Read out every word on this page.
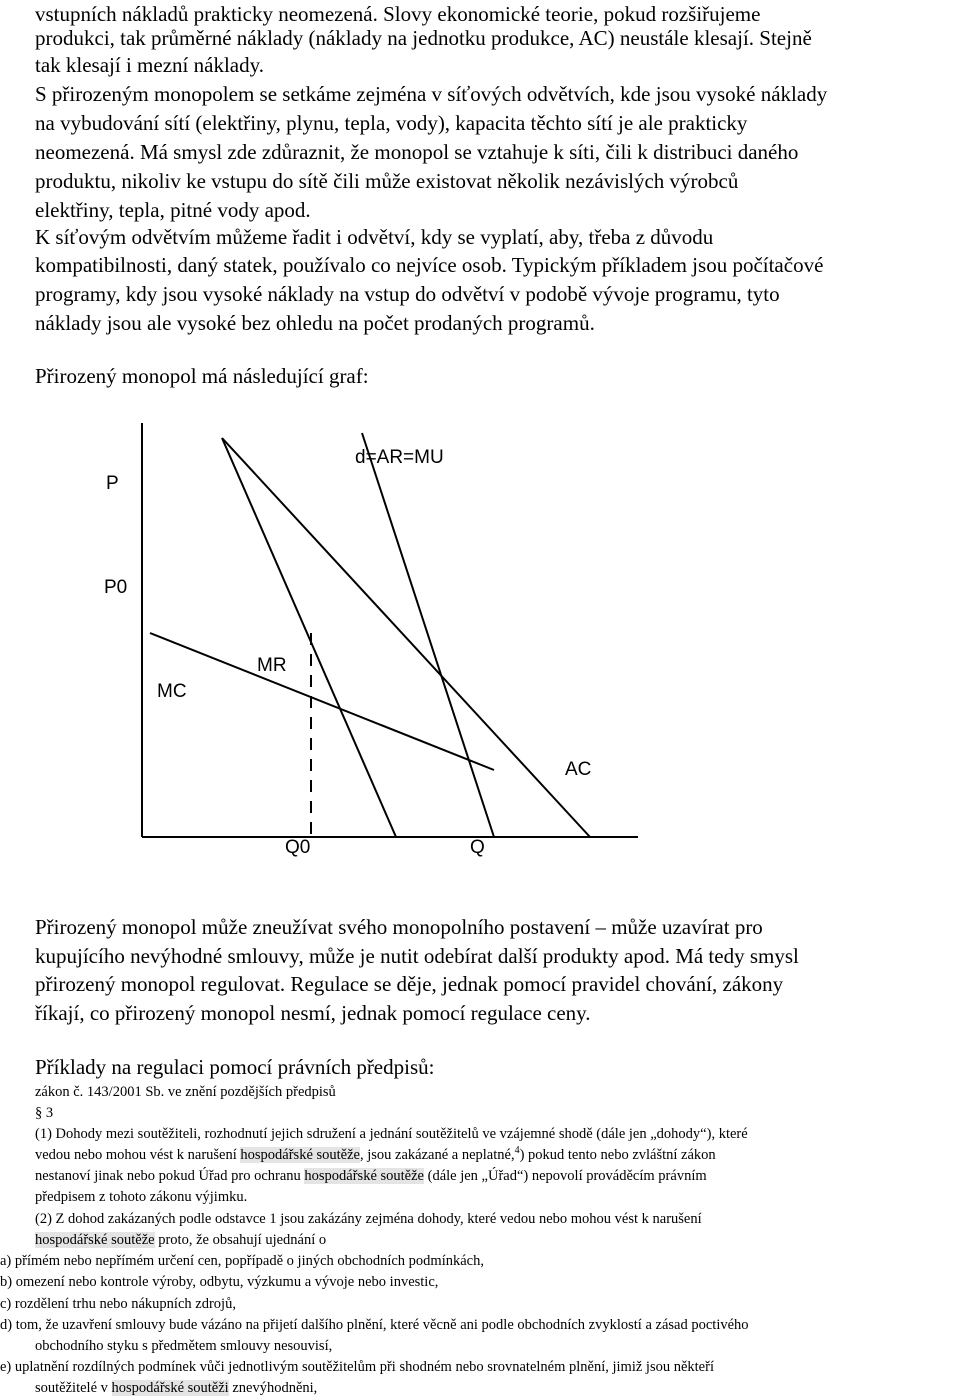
vstupních nákladů prakticky neomezená. Slovy ekonomické teorie, pokud rozšiřujeme

produkci, tak průměrné náklady (náklady na jednotku produkce, AC) neustále klesají. Stejně

tak klesají i mezní náklady.

S přirozeným monopolem se setkáme zejména v síťových odvětvích, kde jsou vysoké náklady

na vybudování sítí (elektřiny, plynu, tepla, vody), kapacita těchto sítí je ale prakticky

neomezená. Má smysl zde zdůraznit, že monopol se vztahuje k síti, čili k distribuci daného

produktu, nikoliv ke vstupu do sítě čili může existovat několik nezávislých výrobců

elektřiny, tepla, pitné vody apod.

K síťovým odvětvím můžeme řadit i odvětví, kdy se vyplatí, aby, třeba z důvodu

kompatibilnosti, daný statek, používalo co nejvíce osob. Typickým příkladem jsou počítačové

programy, kdy jsou vysoké náklady na vstup do odvětví v podobě vývoje programu, tyto

náklady jsou ale vysoké bez ohledu na počet prodaných programů.

Přirozený monopol má následující graf:

P
d=AR=MU
P0
MR
MC
AC
Q0	Q

Přirozený monopol může zneužívat svého monopolního postavení – může uzavírat pro

kupujícího nevýhodné smlouvy, může je nutit odebírat další produkty apod. Má tedy smysl

přirozený monopol regulovat. Regulace se děje, jednak pomocí pravidel chování, zákony

říkají, co přirozený monopol nesmí, jednak pomocí regulace ceny.

Příklady na regulaci pomocí právních předpisů:

zákon č. 143/2001 Sb. ve znění pozdějších předpisů

§ 3

(1) Dohody mezi soutěžiteli, rozhodnutí jejich sdružení a jednání soutěžitelů ve vzájemné shodě (dále jen „dohody“), které

vedou nebo mohou vést k narušení hospodářské soutěže, jsou zakázané a neplatné,$^4$) pokud tento nebo zvláštní zákon

nestanoví jinak nebo pokud Úřad pro ochranu hospodářské soutěže (dále jen „Úřad“) nepovolí prováděcím právním

předpisem z tohoto zákonu výjimku.

(2) Z dohod zakázaných podle odstavce 1 jsou zakázány zejména dohody, které vedou nebo mohou vést k narušení

hospodářské soutěže proto, že obsahují ujednání o

a) přímém nebo nepřímém určení cen, popřípadě o jiných obchodních podmínkách,

b) omezení nebo kontrole výroby, odbytu, výzkumu a vývoje nebo investic,

c) rozdělení trhu nebo nákupních zdrojů,

d) tom, že uzavření smlouvy bude vázáno na přijetí dalšího plnění, které věcně ani podle obchodních zvyklostí a zásad poctivého

obchodního styku s předmětem smlouvy nesouvisí,

e) uplatnění rozdílných podmínek vůči jednotlivým soutěžitelům při shodném nebo srovnatelném plnění, jimiž jsou někteří

soutěžitelé v hospodářské soutěži znevýhodněni,
